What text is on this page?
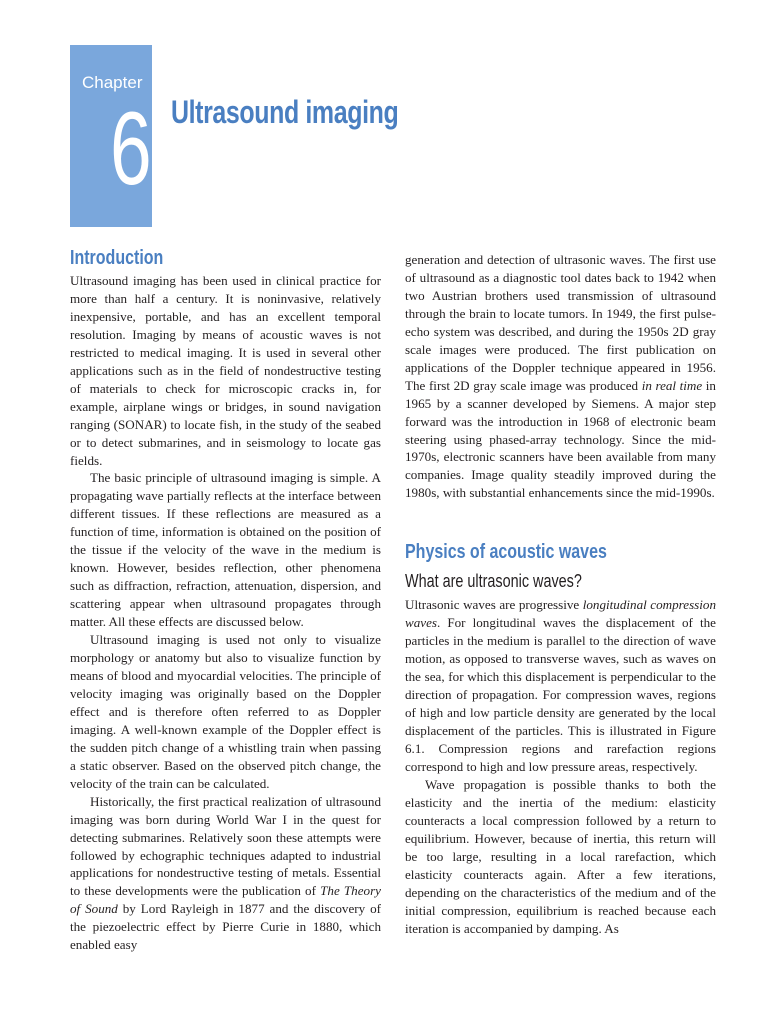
Chapter
6 Ultrasound imaging
Introduction

Ultrasound imaging has been used in clinical practice for more than half a century. It is noninvasive, relatively inexpensive, portable, and has an excellent temporal resolution. Imaging by means of acoustic waves is not restricted to medical imaging. It is used in several other applications such as in the field of nondestructive testing of materials to check for microscopic cracks in, for example, airplane wings or bridges, in sound navigation ranging (SONAR) to locate fish, in the study of the seabed or to detect submarines, and in seismology to locate gas fields.

The basic principle of ultrasound imaging is simple. A propagating wave partially reflects at the interface between different tissues. If these reflections are measured as a function of time, information is obtained on the position of the tissue if the velocity of the wave in the medium is known. However, besides reflection, other phenomena such as diffraction, refraction, attenuation, dispersion, and scattering appear when ultrasound propagates through matter. All these effects are discussed below.

Ultrasound imaging is used not only to visualize morphology or anatomy but also to visualize function by means of blood and myocardial velocities. The principle of velocity imaging was originally based on the Doppler effect and is therefore often referred to as Doppler imaging. A well-known example of the Doppler effect is the sudden pitch change of a whistling train when passing a static observer. Based on the observed pitch change, the velocity of the train can be calculated.

Historically, the first practical realization of ultrasound imaging was born during World War I in the quest for detecting submarines. Relatively soon these attempts were followed by echographic techniques adapted to industrial applications for nondestructive testing of metals. Essential to these developments were the publication of The Theory of Sound by Lord Rayleigh in 1877 and the discovery of the piezoelectric effect by Pierre Curie in 1880, which enabled easy

generation and detection of ultrasonic waves. The first use of ultrasound as a diagnostic tool dates back to 1942 when two Austrian brothers used transmission of ultrasound through the brain to locate tumors. In 1949, the first pulse-echo system was described, and during the 1950s 2D gray scale images were produced. The first publication on applications of the Doppler technique appeared in 1956. The first 2D gray scale image was produced in real time in 1965 by a scanner developed by Siemens. A major step forward was the introduction in 1968 of electronic beam steering using phased-array technology. Since the mid-1970s, electronic scanners have been available from many companies. Image quality steadily improved during the 1980s, with substantial enhancements since the mid-1990s.

Physics of acoustic waves
What are ultrasonic waves?

Ultrasonic waves are progressive longitudinal compression waves. For longitudinal waves the displacement of the particles in the medium is parallel to the direction of wave motion, as opposed to transverse waves, such as waves on the sea, for which this displacement is perpendicular to the direction of propagation. For compression waves, regions of high and low particle density are generated by the local displacement of the particles. This is illustrated in Figure 6.1. Compression regions and rarefaction regions correspond to high and low pressure areas, respectively.

Wave propagation is possible thanks to both the elasticity and the inertia of the medium: elasticity counteracts a local compression followed by a return to equilibrium. However, because of inertia, this return will be too large, resulting in a local rarefaction, which elasticity counteracts again. After a few iterations, depending on the characteristics of the medium and of the initial compression, equilibrium is reached because each iteration is accompanied by damping. As
